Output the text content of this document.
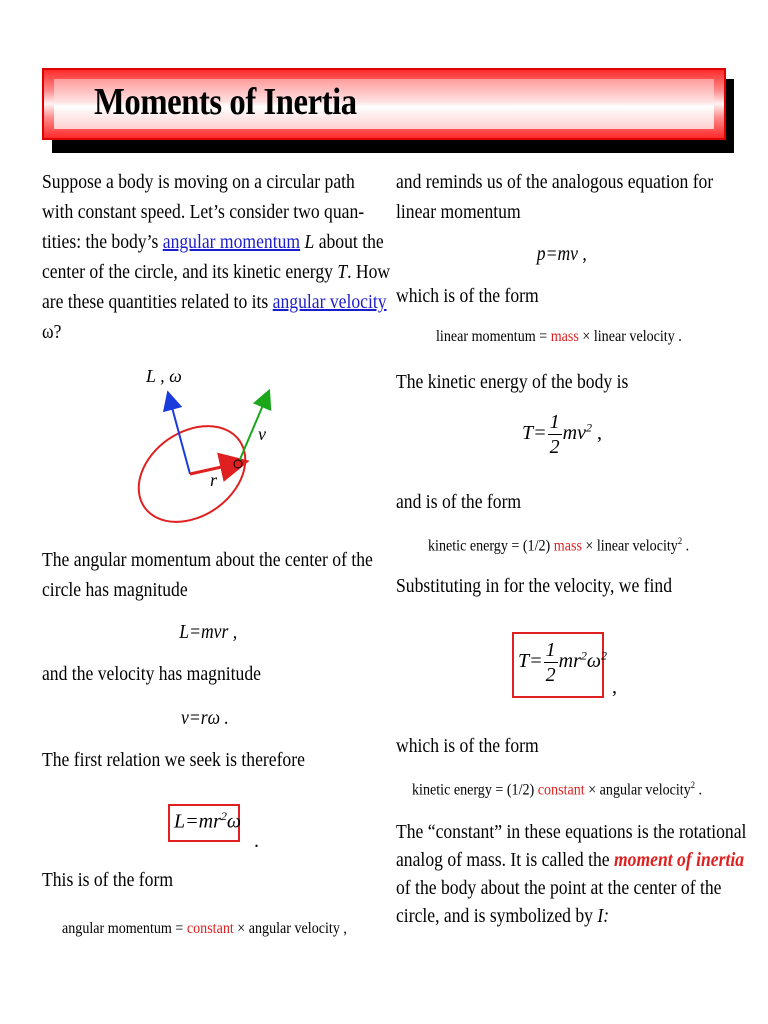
Moments of Inertia
Suppose a body is moving on a circular path
with constant speed. Let’s consider two quan-
tities: the body’s angular momentum L about the
center of the circle, and its kinetic energy T. How
are these quantities related to its angular velocity
ω?
L , ω
v
r
The angular momentum about the center of the
circle has magnitude
L=mvr ,
and the velocity has magnitude
v=rω .
The first relation we seek is therefore
This is of the form
$L=mr^2\omega$
.
angular momentum = constant × angular velocity ,
and reminds us of the analogous equation for
linear momentum
p=mv ,
which is of the form
The kinetic energy of the body is
and is of the form
Substituting in for the velocity, we find
which is of the form
linear momentum = mass × linear velocity .
$T= \frac{1}{2} mv^2$ ,
kinetic energy = (1/2) mass × linear velocity$^2$ .
$T= \frac{1}{2} mr^2\omega^2$
,
kinetic energy = (1/2) constant × angular velocity$^2$ .
The “constant” in these equations is the rotational
analog of mass. It is called the moment of inertia
of the body about the point at the center of the
circle, and is symbolized by I:
